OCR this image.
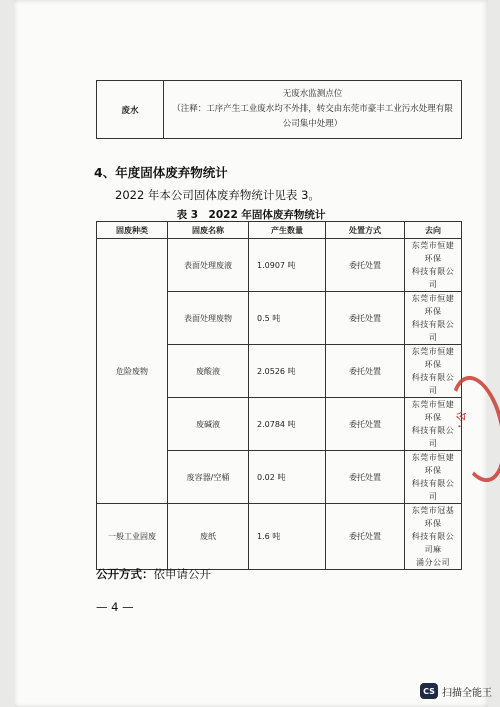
废水	
无废水监测点位
（注释：工序产生工业废水均不外排，转交由东莞市豪丰工业污水处理有限
公司集中处理）
4、年度固体废弃物统计
2022 年本公司固体废弃物统计见表 3。
表 3　2022 年固体废弃物统计
固废种类	固废名称	产生数量	处置方式	去向
危险废物	表面处理废液	1.0907 吨	委托处置	东莞市恒建环保
科技有限公司

	表面处理废物	0.5 吨	委托处置	东莞市恒建环保
科技有限公司

	废酸液	2.0526 吨	委托处置	东莞市恒建环保
科技有限公司

	废碱液	2.0784 吨	委托处置	东莞市恒建环保
科技有限公司

	废容器/空桶	0.02 吨	委托处置	东莞市恒建环保
科技有限公司

一般工业固废	废纸	1.6 吨	委托处置	东莞市冠基环保
科技有限公司麻
涌分公司
公开方式：依申请公开
— 4 —
· 公
CS 扫描全能王
